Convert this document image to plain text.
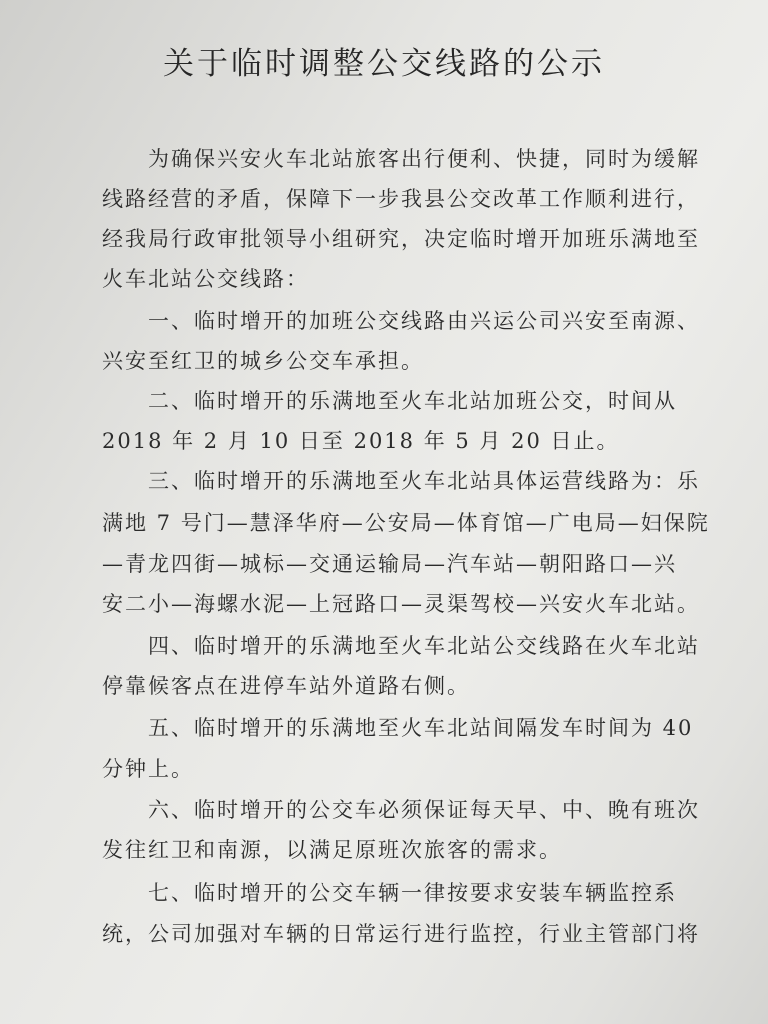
关于临时调整公交线路的公示
为确保兴安火车北站旅客出行便利、快捷，同时为缓解
线路经营的矛盾，保障下一步我县公交改革工作顺利进行，
经我局行政审批领导小组研究，决定临时增开加班乐满地至
火车北站公交线路：
一、临时增开的加班公交线路由兴运公司兴安至南源、
兴安至红卫的城乡公交车承担。
二、临时增开的乐满地至火车北站加班公交，时间从
2018 年 2 月 10 日至 2018 年 5 月 20 日止。
三、临时增开的乐满地至火车北站具体运营线路为：乐
满地 7 号门—慧泽华府—公安局—体育馆—广电局—妇保院
—青龙四街—城标—交通运输局—汽车站—朝阳路口—兴
安二小—海螺水泥—上冠路口—灵渠驾校—兴安火车北站。
四、临时增开的乐满地至火车北站公交线路在火车北站
停靠候客点在进停车站外道路右侧。
五、临时增开的乐满地至火车北站间隔发车时间为 40
分钟上。
六、临时增开的公交车必须保证每天早、中、晚有班次
发往红卫和南源，以满足原班次旅客的需求。
七、临时增开的公交车辆一律按要求安装车辆监控系
统，公司加强对车辆的日常运行进行监控，行业主管部门将
